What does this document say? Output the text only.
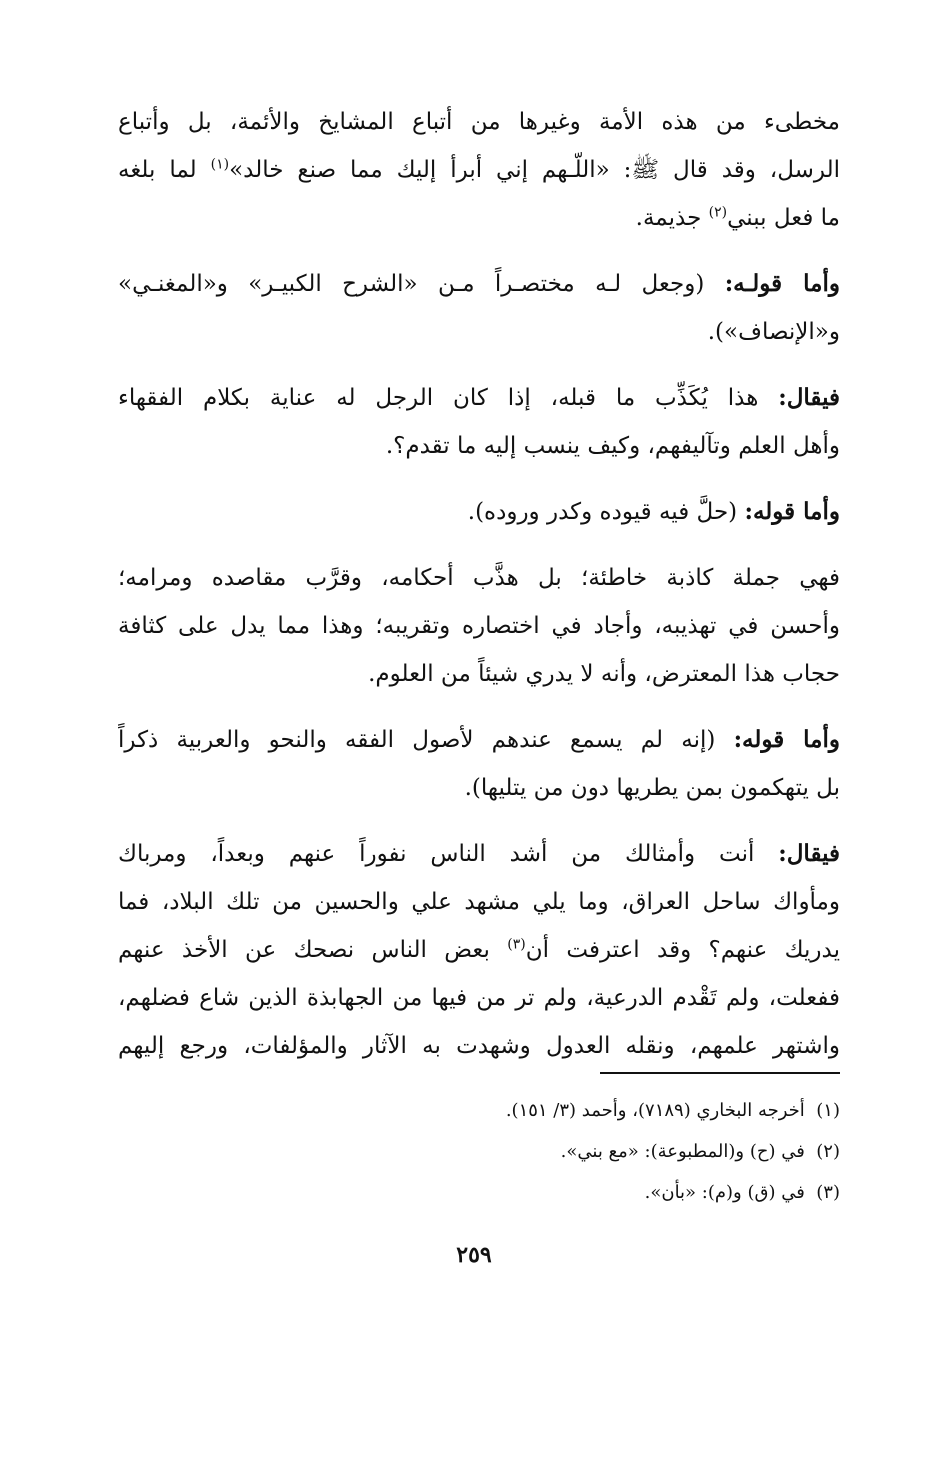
مخطىء من هذه الأمة وغيرها من أتباع المشايخ والأئمة، بل وأتباع
الرسل، وقد قال ﷺ: «اللّـهم إني أبرأ إليك مما صنع خالد»$^{(١)}$ لما بلغه
ما فعل ببني$^{(٢)}$ جذيمة.
وأما قولـه: (وجعل لـه مختصـراً مـن «الشرح الكبيـر» و«المغنـي»
و«الإنصاف»).
فيقال: هذا يُكَذِّب ما قبله، إذا كان الرجل له عناية بكلام الفقهاء
وأهل العلم وتآليفهم، وكيف ينسب إليه ما تقدم؟.
وأما قوله: (حلَّ فيه قيوده وكدر وروده).
فهي جملة كاذبة خاطئة؛ بل هذَّب أحكامه، وقرَّب مقاصده ومرامه؛
وأحسن في تهذيبه، وأجاد في اختصاره وتقريبه؛ وهذا مما يدل على كثافة
حجاب هذا المعترض، وأنه لا يدري شيئاً من العلوم.
وأما قوله: (إنه لم يسمع عندهم لأصول الفقه والنحو والعربية ذكراً
بل يتهكمون بمن يطريها دون من يتليها).
فيقال: أنت وأمثالك من أشد الناس نفوراً عنهم وبعداً، ومرباك
ومأواك ساحل العراق، وما يلي مشهد علي والحسين من تلك البلاد، فما
يدريك عنهم؟ وقد اعترفت أن$^{(٣)}$ بعض الناس نصحك عن الأخذ عنهم
ففعلت، ولم تَقْدم الدرعية، ولم تر من فيها من الجهابذة الذين شاع فضلهم،
واشتهر علمهم، ونقله العدول وشهدت به الآثار والمؤلفات، ورجع إليهم
(١)  أخرجه البخاري (٧١٨٩)، وأحمد (٣/ ١٥١).
(٢)  في (ح) و(المطبوعة): «مع بني».
(٣)  في (ق) و(م): «بأن».
٢٥٩
